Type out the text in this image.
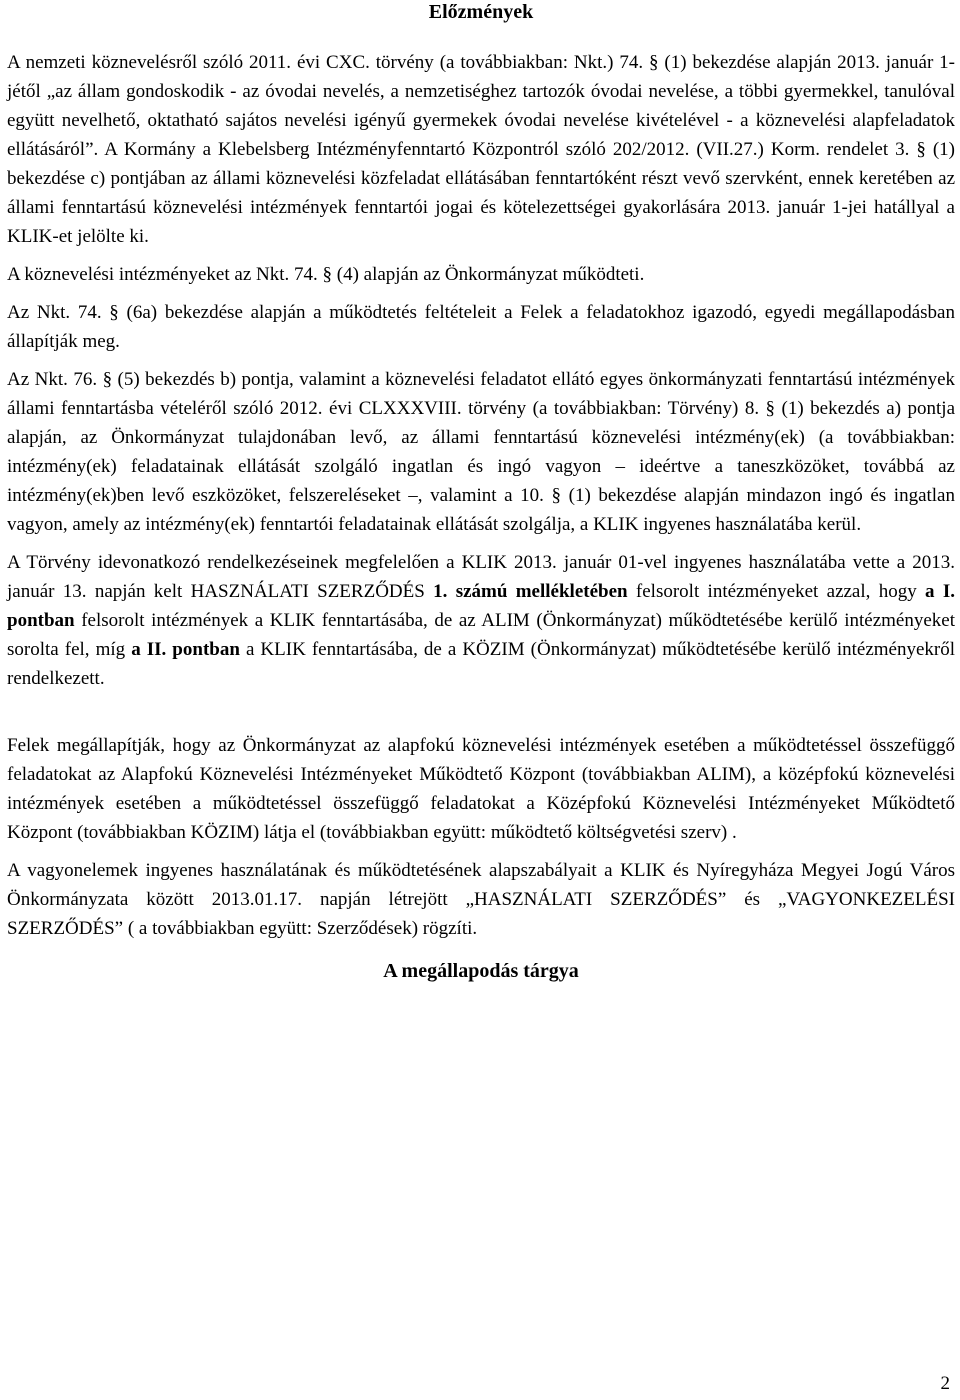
Előzmények

A nemzeti köznevelésről szóló 2011. évi CXC. törvény (a továbbiakban: Nkt.) 74. § (1) bekezdése alapján 2013. január 1-jétől „az állam gondoskodik - az óvodai nevelés, a nemzetiséghez tartozók óvodai nevelése, a többi gyermekkel, tanulóval együtt nevelhető, oktatható sajátos nevelési igényű gyermekek óvodai nevelése kivételével - a köznevelési alapfeladatok ellátásáról”. A Kormány a Klebelsberg Intézményfenntartó Központról szóló 202/2012. (VII.27.) Korm. rendelet 3. § (1) bekezdése c) pontjában az állami köznevelési közfeladat ellátásában fenntartóként részt vevő szervként, ennek keretében az állami fenntartású köznevelési intézmények fenntartói jogai és kötelezettségei gyakorlására 2013. január 1-jei hatállyal a KLIK-et jelölte ki.

A köznevelési intézményeket az Nkt. 74. § (4) alapján az Önkormányzat működteti.

Az Nkt. 74. § (6a) bekezdése alapján a működtetés feltételeit a Felek a feladatokhoz igazodó, egyedi megállapodásban állapítják meg.

Az Nkt. 76. § (5) bekezdés b) pontja, valamint a köznevelési feladatot ellátó egyes önkormányzati fenntartású intézmények állami fenntartásba vételéről szóló 2012. évi CLXXXVIII. törvény (a továbbiakban: Törvény) 8. § (1) bekezdés a) pontja alapján, az Önkormányzat tulajdonában levő, az állami fenntartású köznevelési intézmény(ek) (a továbbiakban: intézmény(ek) feladatainak ellátását szolgáló ingatlan és ingó vagyon – ideértve a taneszközöket, továbbá az intézmény(ek)ben levő eszközöket, felszereléseket –, valamint a 10. § (1) bekezdése alapján mindazon ingó és ingatlan vagyon, amely az intézmény(ek) fenntartói feladatainak ellátását szolgálja, a KLIK ingyenes használatába kerül.

A Törvény idevonatkozó rendelkezéseinek megfelelően a KLIK 2013. január 01-vel ingyenes használatába vette a 2013. január 13. napján kelt HASZNÁLATI SZERZŐDÉS 1. számú mellékletében felsorolt intézményeket azzal, hogy a I. pontban felsorolt intézmények a KLIK fenntartásába, de az ALIM (Önkormányzat) működtetésébe kerülő intézményeket sorolta fel, míg a II. pontban a KLIK fenntartásába, de a KÖZIM (Önkormányzat) működtetésébe kerülő intézményekről rendelkezett.

Felek megállapítják, hogy az Önkormányzat az alapfokú köznevelési intézmények esetében a működtetéssel összefüggő feladatokat az Alapfokú Köznevelési Intézményeket Működtető Központ (továbbiakban ALIM), a középfokú köznevelési intézmények esetében a működtetéssel összefüggő feladatokat a Középfokú Köznevelési Intézményeket Működtető Központ (továbbiakban KÖZIM) látja el (továbbiakban együtt: működtető költségvetési szerv) .

A vagyonelemek ingyenes használatának és működtetésének alapszabályait a KLIK és Nyíregyháza Megyei Jogú Város Önkormányzata között 2013.01.17. napján létrejött „HASZNÁLATI SZERZŐDÉS” és „VAGYONKEZELÉSI SZERZŐDÉS” ( a továbbiakban együtt: Szerződések) rögzíti.

A megállapodás tárgya
2
